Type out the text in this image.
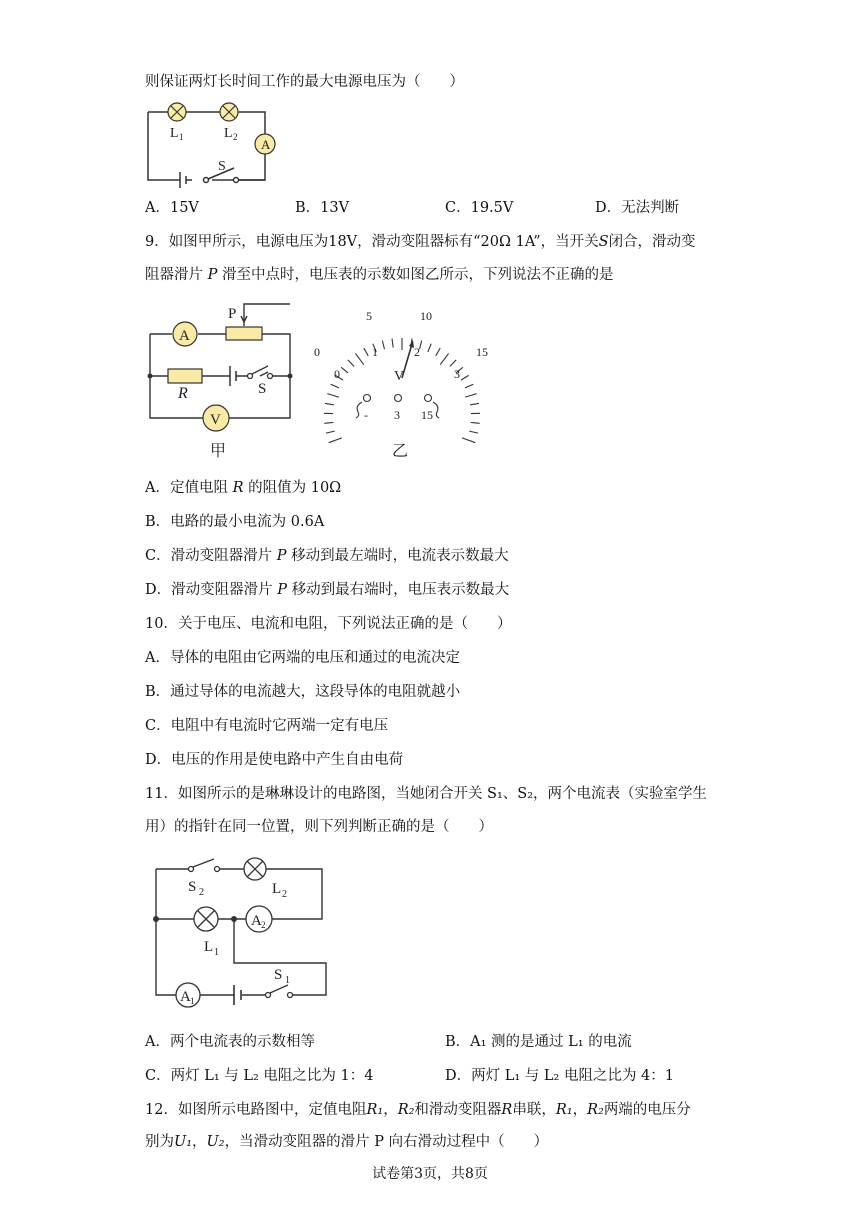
则保证两灯长时间工作的最大电源电压为（　　）
A
L 1	L 2
S
A．15V	B．13V	C．19.5V	D．无法判断
9．如图甲所示，电源电压为18V，滑动变阻器标有“20Ω 1A”，当开关S闭合，滑动变
阻器滑片 P 滑至中点时，电压表的示数如图乙所示，下列说法不正确的是
A
P
R	S
V
甲
0
5	10
15
0
1	2
3
V
- 3 15
乙
A．定值电阻 R 的阻值为 10Ω
B．电路的最小电流为 0.6A
C．滑动变阻器滑片 P 移动到最左端时，电流表示数最大
D．滑动变阻器滑片 P 移动到最右端时，电压表示数最大
10．关于电压、电流和电阻，下列说法正确的是（　　）
A．导体的电阻由它两端的电压和通过的电流决定
B．通过导体的电流越大，这段导体的电阻就越小
C．电阻中有电流时它两端一定有电压
D．电压的作用是使电路中产生自由电荷
11．如图所示的是琳琳设计的电路图，当她闭合开关 S₁、S₂，两个电流表（实验室学生
用）的指针在同一位置，则下列判断正确的是（　　）
S 2	L 2
L 1
A 2
A 1
S 1
A．两个电流表的示数相等	B．A₁ 测的是通过 L₁ 的电流
C．两灯 L₁ 与 L₂ 电阻之比为 1：4	D．两灯 L₁ 与 L₂ 电阻之比为 4：1
12．如图所示电路图中，定值电阻R₁，R₂和滑动变阻器R串联，R₁，R₂两端的电压分
别为U₁，U₂，当滑动变阻器的滑片 P 向右滑动过程中（　　）
试卷第3页，共8页
